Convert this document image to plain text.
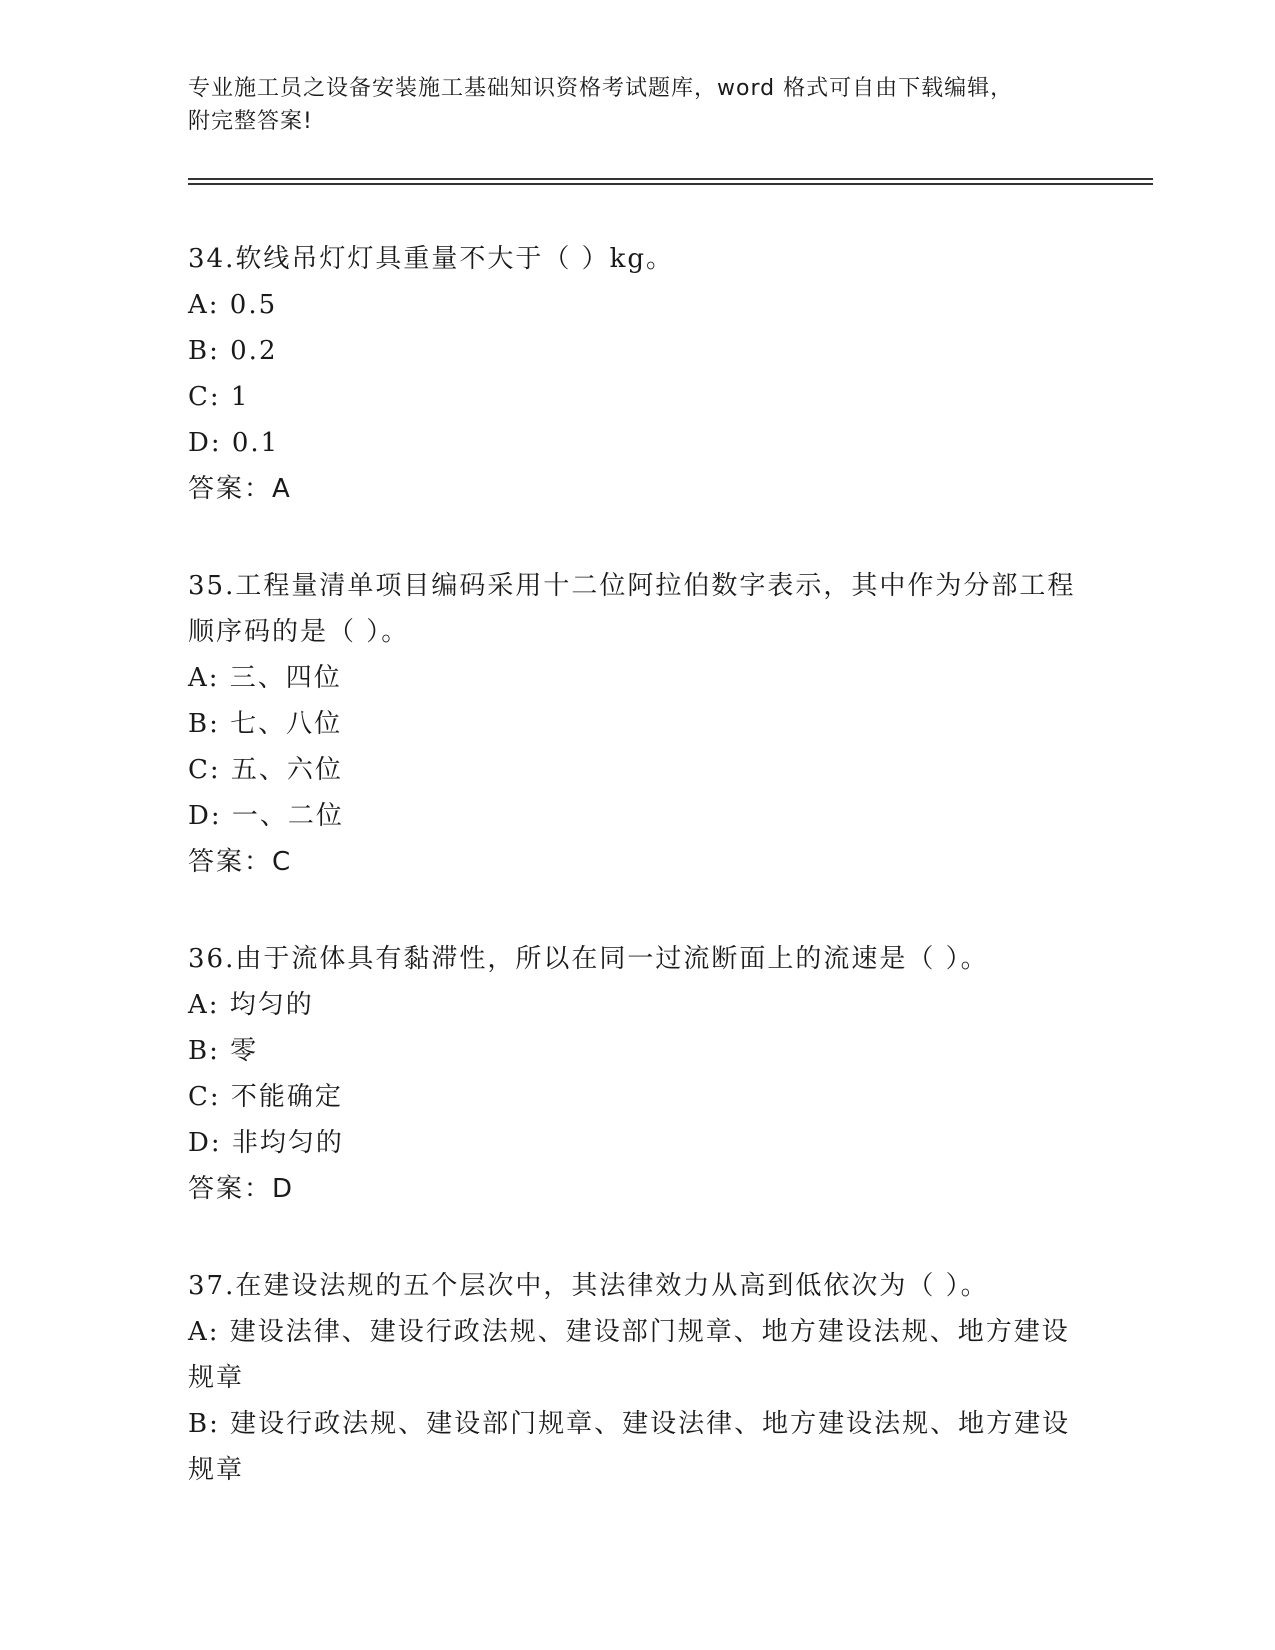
专业施工员之设备安装施工基础知识资格考试题库，word 格式可自由下载编辑，
附完整答案!
34.软线吊灯灯具重量不大于（ ）kg。
A: 0.5
B: 0.2
C: 1
D: 0.1
答案：A
35.工程量清单项目编码采用十二位阿拉伯数字表示，其中作为分部工程顺序码的是（ ）。
A: 三、四位
B: 七、八位
C: 五、六位
D: 一、二位
答案：C
36.由于流体具有黏滞性，所以在同一过流断面上的流速是（ ）。
A: 均匀的
B: 零
C: 不能确定
D: 非均匀的
答案：D
37.在建设法规的五个层次中，其法律效力从高到低依次为（ ）。
A: 建设法律、建设行政法规、建设部门规章、地方建设法规、地方建设规章
B: 建设行政法规、建设部门规章、建设法律、地方建设法规、地方建设规章
